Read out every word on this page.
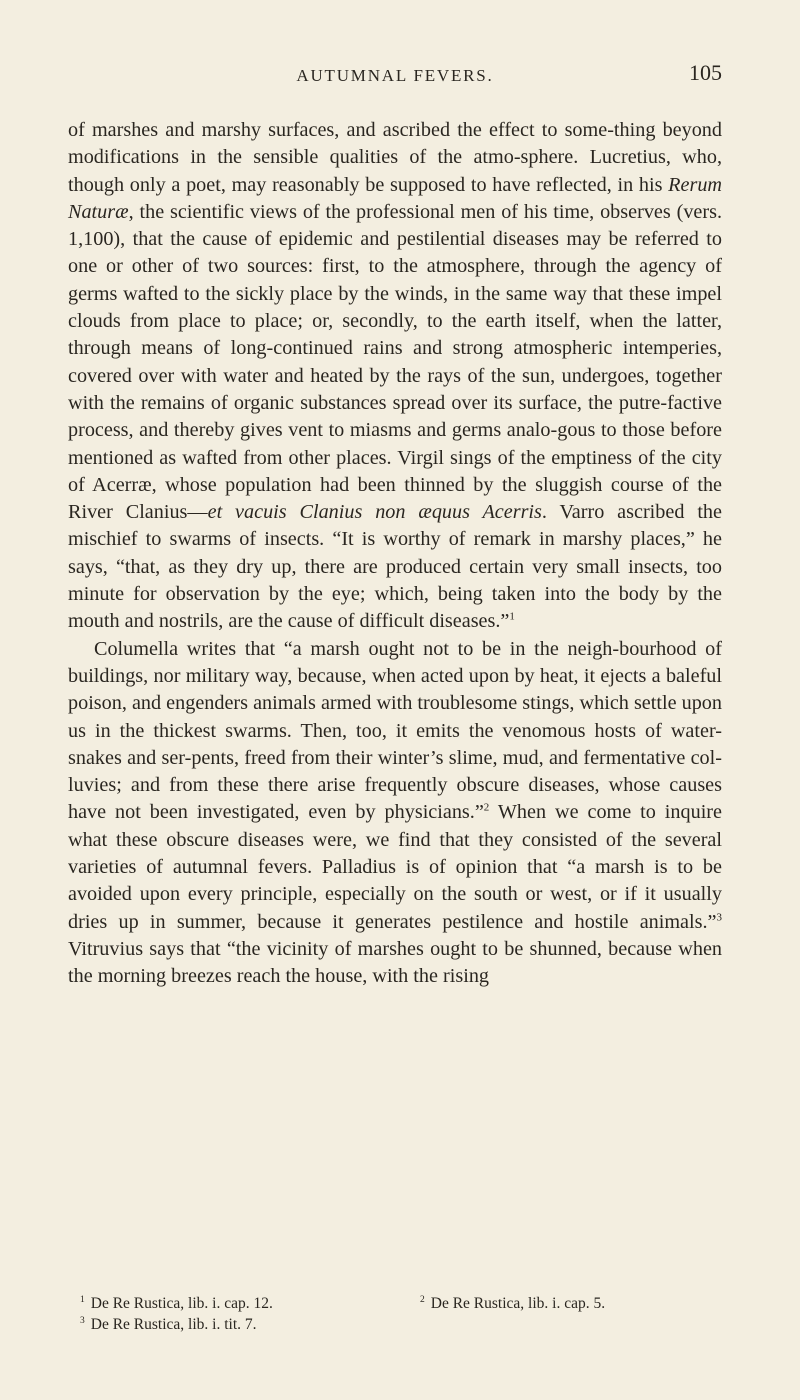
AUTUMNAL FEVERS.	105

of marshes and marshy surfaces, and ascribed the effect to some-thing beyond modifications in the sensible qualities of the atmo-sphere. Lucretius, who, though only a poet, may reasonably be supposed to have reflected, in his Rerum Naturæ, the scientific views of the professional men of his time, observes (vers. 1,100), that the cause of epidemic and pestilential diseases may be referred to one or other of two sources: first, to the atmosphere, through the agency of germs wafted to the sickly place by the winds, in the same way that these impel clouds from place to place; or, secondly, to the earth itself, when the latter, through means of long-continued rains and strong atmospheric intemperies, covered over with water and heated by the rays of the sun, undergoes, together with the remains of organic substances spread over its surface, the putre-factive process, and thereby gives vent to miasms and germs analo-gous to those before mentioned as wafted from other places. Virgil sings of the emptiness of the city of Acerræ, whose population had been thinned by the sluggish course of the River Clanius—et vacuis Clanius non æquus Acerris. Varro ascribed the mischief to swarms of insects. “It is worthy of remark in marshy places,” he says, “that, as they dry up, there are produced certain very small insects, too minute for observation by the eye; which, being taken into the body by the mouth and nostrils, are the cause of difficult diseases.”$^1$

Columella writes that “a marsh ought not to be in the neigh-bourhood of buildings, nor military way, because, when acted upon by heat, it ejects a baleful poison, and engenders animals armed with troublesome stings, which settle upon us in the thickest swarms. Then, too, it emits the venomous hosts of water-snakes and ser-pents, freed from their winter’s slime, mud, and fermentative col-luvies; and from these there arise frequently obscure diseases, whose causes have not been investigated, even by physicians.”$^2$ When we come to inquire what these obscure diseases were, we find that they consisted of the several varieties of autumnal fevers. Palladius is of opinion that “a marsh is to be avoided upon every principle, especially on the south or west, or if it usually dries up in summer, because it generates pestilence and hostile animals.”$^3$ Vitruvius says that “the vicinity of marshes ought to be shunned, because when the morning breezes reach the house, with the rising

$^1$ De Re Rustica, lib. i. cap. 12.	$^2$ De Re Rustica, lib. i. cap. 5.
$^3$ De Re Rustica, lib. i. tit. 7.
